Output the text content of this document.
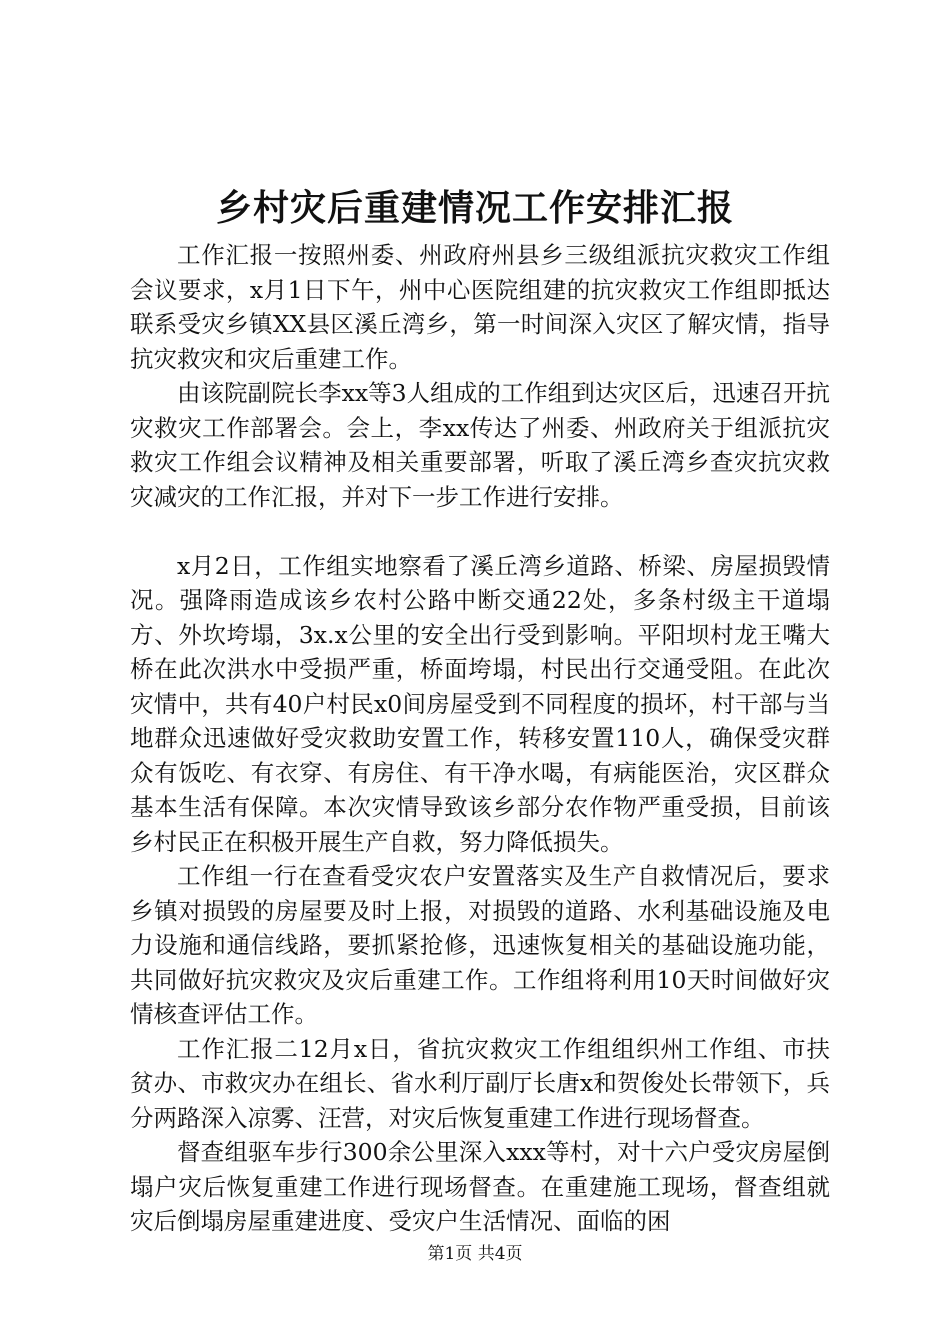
乡村灾后重建情况工作安排汇报

工作汇报一按照州委、州政府州县乡三级组派抗灾救灾工作组会议要求，x月1日下午，州中心医院组建的抗灾救灾工作组即抵达联系受灾乡镇XX县区溪丘湾乡，第一时间深入灾区了解灾情，指导抗灾救灾和灾后重建工作。

由该院副院长李xx等3人组成的工作组到达灾区后，迅速召开抗灾救灾工作部署会。会上，李xx传达了州委、州政府关于组派抗灾救灾工作组会议精神及相关重要部署，听取了溪丘湾乡查灾抗灾救灾减灾的工作汇报，并对下一步工作进行安排。

x月2日，工作组实地察看了溪丘湾乡道路、桥梁、房屋损毁情况。强降雨造成该乡农村公路中断交通22处，多条村级主干道塌方、外坎垮塌，3x.x公里的安全出行受到影响。平阳坝村龙王嘴大桥在此次洪水中受损严重，桥面垮塌，村民出行交通受阻。在此次灾情中，共有40户村民x0间房屋受到不同程度的损坏，村干部与当地群众迅速做好受灾救助安置工作，转移安置110人，确保受灾群众有饭吃、有衣穿、有房住、有干净水喝，有病能医治，灾区群众基本生活有保障。本次灾情导致该乡部分农作物严重受损，目前该乡村民正在积极开展生产自救，努力降低损失。

工作组一行在查看受灾农户安置落实及生产自救情况后，要求乡镇对损毁的房屋要及时上报，对损毁的道路、水利基础设施及电力设施和通信线路，要抓紧抢修，迅速恢复相关的基础设施功能，共同做好抗灾救灾及灾后重建工作。工作组将利用10天时间做好灾情核查评估工作。

工作汇报二12月x日，省抗灾救灾工作组组织州工作组、市扶贫办、市救灾办在组长、省水利厅副厅长唐x和贺俊处长带领下，兵分两路深入凉雾、汪营，对灾后恢复重建工作进行现场督查。

督查组驱车步行300余公里深入xxx等村，对十六户受灾房屋倒塌户灾后恢复重建工作进行现场督查。在重建施工现场，督查组就灾后倒塌房屋重建进度、受灾户生活情况、面临的困

第1页 共4页
